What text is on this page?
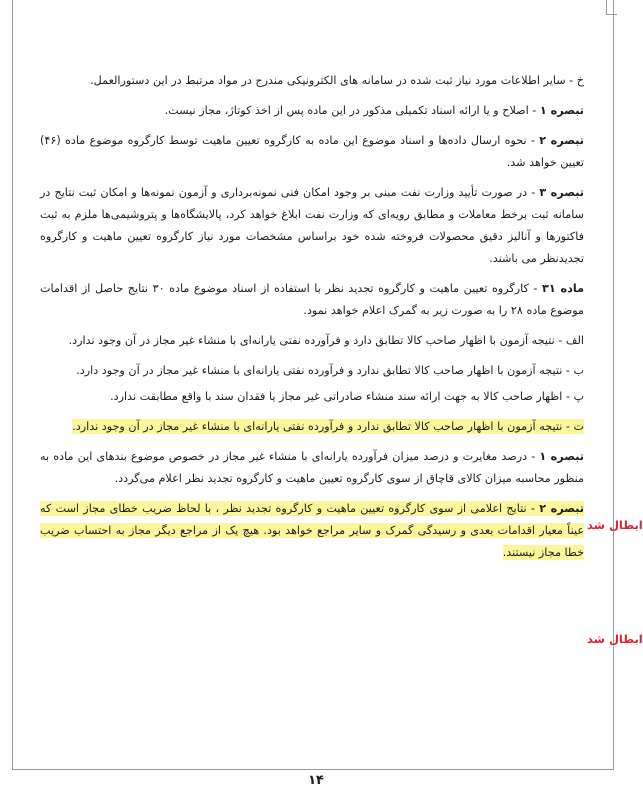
خ - سایر اطلاعات مورد نیاز ثبت شده در سامانه های الکترونیکی مندرج در مواد مرتبط در این دستورالعمل.

تبصره ۱ - اصلاح و یا ارائه اسناد تکمیلی مذکور در این ماده پس از اخذ کوتاژ، مجاز نیست.

تبصره ۲ - نحوه ارسال داده‌ها و اسناد موضوع این ماده به کارگروه تعیین ماهیت توسط کارگروه موضوع ماده (۴۶) تعیین خواهد شد.

تبصره ۳ - در صورت تأیید وزارت نفت مبنی بر وجود امکان فنی نمونه‌برداری و آزمون نمونه‌ها و امکان ثبت نتایج در سامانه ثبت برخط معاملات و مطابق رویه‌ای که وزارت نفت ابلاغ خواهد کرد، پالایشگاه‌ها و پتروشیمی‌ها ملزم به ثبت فاکتورها و آنالیز دقیق محصولات فروخته شده خود براساس مشخصات مورد نیاز کارگروه تعیین ماهیت و کارگروه تجدیدنظر می باشند.

ماده ۳۱ - کارگروه تعیین ماهیت و کارگروه تجدید نظر با استفاده از اسناد موضوع ماده ۳۰ نتایج حاصل از اقدامات موضوع ماده ۲۸ را به صورت زیر به گمرک اعلام خواهد نمود.

الف - نتیجه آزمون با اظهار صاحب کالا تطابق دارد و فرآورده نفتی یارانه‌ای با منشاء غیر مجاز در آن وجود ندارد.

ب - نتیجه آزمون با اظهار صاحب کالا تطابق ندارد و فرآورده نفتی یارانه‌ای با منشاء غیر مجاز در آن وجود دارد.

پ - اظهار صاحب کالا به جهت ارائه سند منشاء صادراتی غیر مجاز یا فقدان سند با واقع مطابقت ندارد.

ت - نتیجه آزمون با اظهار صاحب کالا تطابق ندارد و فرآورده نفتی یارانه‌ای با منشاء غیر مجاز در آن وجود ندارد.

تبصره ۱ - درصد مغایرت و درصد میزان فرآورده یارانه‌ای با منشاء غیر مجاز در خصوص موضوع بندهای این ماده به منظور محاسبه میزان کالای قاچاق از سوی کارگروه تعیین ماهیت و کارگروه تجدید نظر اعلام می‌گردد.

تبصره ۲ - نتایج اعلامی از سوی کارگروه تعیین ماهیت و کارگروه تجدید نظر ، با لحاظ ضریب خطای مجاز است که عیناً معیار اقدامات بعدی و رسیدگی گمرک و سایر مراجع خواهد بود. هیچ یک از مراجع دیگر مجاز به احتساب ضریب خطا مجاز نیستند.

ابطال شد
ابطال شد
۱۴
